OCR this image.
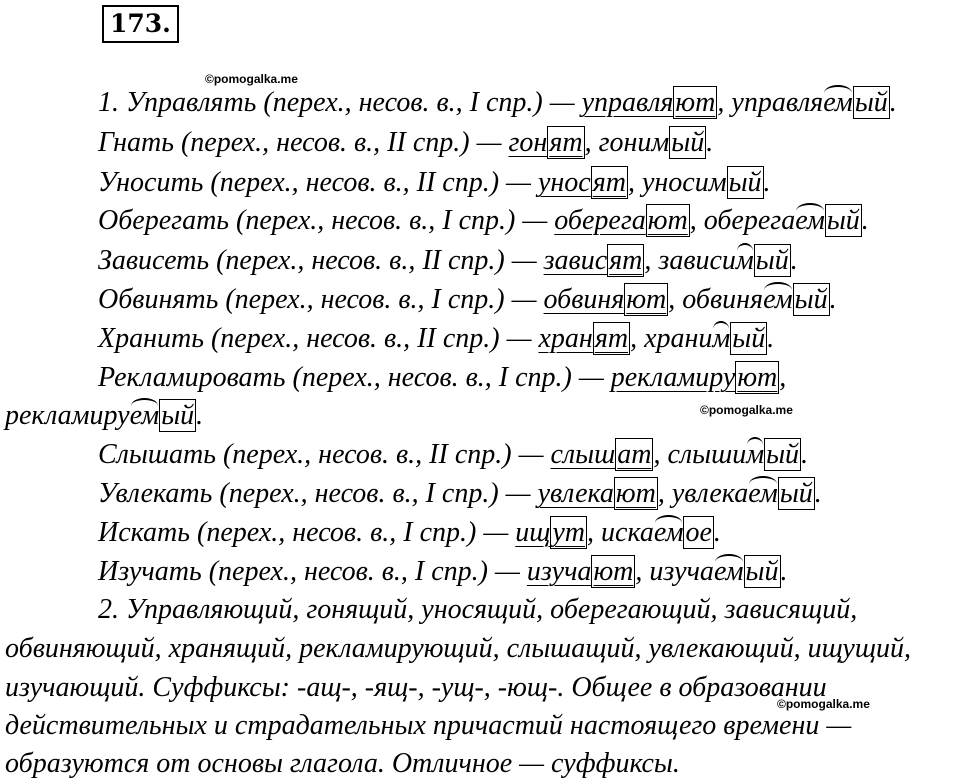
173.
©pomogalka.me
©pomogalka.me
©pomogalka.me
1. Управлять (перех., несов. в., I спр.) — управляют, управляемый.
Гнать (перех., несов. в., II спр.) — гонят, гонимый.
Уносить (перех., несов. в., II спр.) — уносят, уносимый.
Оберегать (перех., несов. в., I спр.) — оберегают, оберегаемый.
Зависеть (перех., несов. в., II спр.) — зависят, зависимый.
Обвинять (перех., несов. в., I спр.) — обвиняют, обвиняемый.
Хранить (перех., несов. в., II спр.) — хранят, хранимый.
Рекламировать (перех., несов. в., I спр.) — рекламируют,
рекламируемый.
Слышать (перех., несов. в., II спр.) — слышат, слышимый.
Увлекать (перех., несов. в., I спр.) — увлекают, увлекаемый.
Искать (перех., несов. в., I спр.) — ищут, искаемое.
Изучать (перех., несов. в., I спр.) — изучают, изучаемый.
2. Управляющий, гонящий, уносящий, оберегающий, зависящий,
обвиняющий, хранящий, рекламирующий, слышащий, увлекающий, ищущий,
изучающий. Суффиксы: -ащ-, -ящ-, -ущ-, -ющ-. Общее в образовании
действительных и страдательных причастий настоящего времени —
образуются от основы глагола. Отличное — суффиксы.
